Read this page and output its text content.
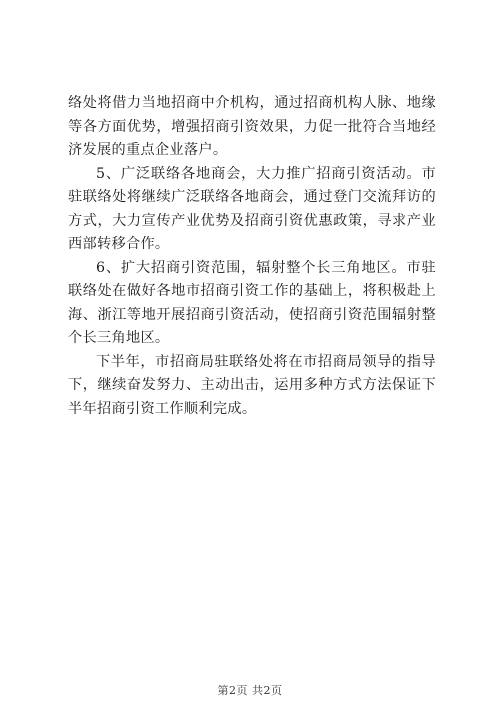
络处将借力当地招商中介机构，通过招商机构人脉、地缘等各方面优势，增强招商引资效果，力促一批符合当地经济发展的重点企业落户。

5、广泛联络各地商会，大力推广招商引资活动。市驻联络处将继续广泛联络各地商会，通过登门交流拜访的方式，大力宣传产业优势及招商引资优惠政策，寻求产业西部转移合作。

6、扩大招商引资范围，辐射整个长三角地区。市驻联络处在做好各地市招商引资工作的基础上，将积极赴上海、浙江等地开展招商引资活动，使招商引资范围辐射整个长三角地区。

下半年，市招商局驻联络处将在市招商局领导的指导下，继续奋发努力、主动出击，运用多种方式方法保证下半年招商引资工作顺利完成。

第2页 共2页
